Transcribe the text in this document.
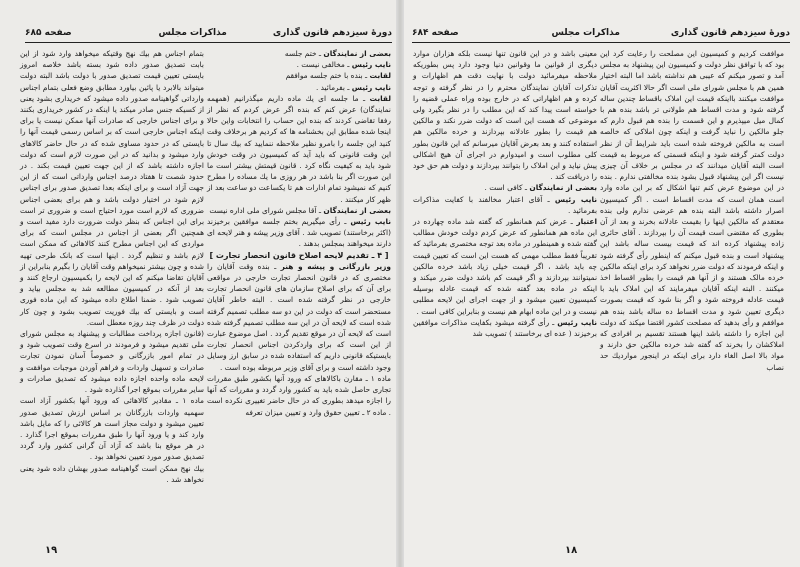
دورهٔ سیزدهم قانون گذاری
مذاکرات مجلس
صفحه ۶۸۵

بعضی از نمایندگان ـ ختم جلسه

نایب رئیس ـ مخالفی نیست .

لقابت ـ بنده با ختم جلسه موافقم

نایب رئیس ـ بفرمائید .

لقابت ـ ما جلسه ای یك ماده داریم میگذرانیم (همهمه نمایندگان) عرض کنم که بنده اگر عرض کردم که نظر از رفقا تقاضی کردند که بنده این حساب را انتخابات واین حالا اینجا شده مطابق این بخشنامه ها که کردیم هر برخلاف وقت کنید این جلسه را بامرو نظیر ملاحظه ننمایید که بیك سال تا این وقت قانونی که باید آید که کمیسیون در وقت خودش شود باید به کیفیت نگاه کرد . قانون قیمتش بیشتر است ما این صورت اگر بنا باشد در هر روزی ما یك مساده را مطرح کنیم که نمیشود تمام ادارات هم تا یکساعت دو ساعت بعد از ظهر کار میکنند .

بعضی از نمایندگان ـ آقا مجلس شورای ملی اداره نیست

نایب رئیس ـ رأی میگیریم بختم جلسه موافقین برخیزند (اکثر برخاستند) تصویب شد . آقای وزیر پیشه و هنر لایحه ای دارند میخواهند بمجلس بدهند .

[ ۴ ـ تقدیم لایحه اصلاح قانون انحصار تجارت ]

وزیر بازرگانی و پیشه و هنر ـ بنده وقت آقایان را مختصری که در قانون انحصار تجارت خارجی در مواقعی برای آن که برای اصلاح سازمان های قانون انحصار تجارت خارجی در نظر گرفته شده است . البته خاطر آقایان مستحضر است که دولت در این دو سه مطلب تصمیم گرفته شده است که لایحه آن در این سه مطلب تصمیم گرفته شده است که لایحه آن در موقع تقدیم گردد . اصل موضوع عبارت از این است که برای واردکردن اجناس انحصار تجارت بایستیکه قانونی داریم که استفاده شده در سابق ارز وسایل وجود داشته است و برای آقای وزیر مربوطه بوده است .

ماده ۱ ـ مقارن باکالاهای که ورود آنها بکشور طبق مقررات تجاری حاصل شده باید به کشور وارد گردد و مقررات که آنها را اجازه میدهد بطوری که در حال حاضر تغییری نکرده است . ماده ۲ ـ تعیین حقوق وارد و تعیین میزان تعرفه

بتمام اجناس هم بیك نهج وقتیکه میخواهد وارد شود از این بابت تصدیق صدور داده شود بسته باشد خلاصه امروز بایستی تعیین قیمت تصدیق صدور با دولت باشد البته دولت میتواند بالابرد یا پائین بیاورد مطابق وضع فعلی بتمام اجناس وارداتی گواهینامه صدور داده میشود که خریداری بشود یعنی از کسیکه جنس صادر میکند یا اینکه در کشور خریداری بکنند و برای اجناس خارجی که صادرات آنها ممکن نیست یا برای اینکه اجناس خارجی است که بر اساس رسمی قیمت آنها را بایستی که در حدود مساوی شده که در حال حاضر کالاهای وارد میشود و بدانید که در این صورت لازم است که دولت اجازه داشته باشد که از این جهت تعیین قیمت بکند . در حدود شصت تا هفتاد درصد اجناس وارداتی است که از این جهت آزاد است و برای اینکه بعدا تصدیق صدور برای اجناس لازم شود در اختیار دولت باشد و هم برای بعضی اجناس ضروری که لازم است مورد احتیاج است و ضروری تر است برای این اجناس که بنظر دولت ضرورت دارد مفید است و همچنین اگر بعضی از اجناس در مجلس است که برای مواردی که این اجناس مطرح کنند کالاهائی که ممکن است لازم باشد و تنظیم گردد . اینها است که بانک طرحی تهیه شده و چون بیشتر نمیخواهم وقت آقایان را بگیرم بنابراین از آقایان تقاضا میکنم که این لایحه را بکمیسیون ارجاع کنند و بعد از آنکه در کمیسیون مطالعه شد به مجلس بیاید و تصویب شود . ضمنا اطلاع داده میشود که این ماده فوری است و بایستی که بیك فوریت تصویب بشود و چون کار دولت در ظرف چند روزه معطل است.

(قانون اجازه پرداخت مطالبات و پیشنهاد به مجلس شورای ملی تقدیم میشود و فرمودند در اسرع وقت تصویب شود و در تمام امور بازرگانی و خصوصاً آسان نمودن تجارت صادرات و تسهیل واردات و فراهم آوردن موجبات موافقت و لایحه ماده واحده اجازه داده میشود که تصدیق صادرات و سایر مقررات بموقع اجرا گذارده شود .

ماده ۱ ـ مقادیر کالاهائی که ورود آنها بکشور آزاد است سهمیه واردات بازرگانان بر اساس ارزش تصدیق صدور تعیین میشود و دولت مجاز است هر کالائی را که مایل باشد وارد کند و یا ورود آنها را طبق مقررات بموقع اجرا گذارد . در هر موقع بنا باشد که آزاد آن گرانی کشور وارد گردد تصدیق صدور مورد تعیین نخواهد بود .

بیك نهج ممکن است گواهینامه صدور بهشان داده شود یعنی نخواهد شد .

۱۹
دورهٔ سیزدهم قانون گذاری
مذاکرات مجلس
صفحه ۶۸۴

موافقت کردیم و کمیسیون این مصلحت را رعایت کرد این بود که با توافق نظر دولت و کمیسیون این پیشنهاد به مجلس آمد و تصور میکنم که عیبی هم نداشته باشد اما البته اختیار همین هم با مجلس شورای ملی است اگر حالا اکثریت آقایان موافقت میکنند بااینکه قیمت این املاک باقساط چندین ساله گرفته شود و مدت اقساط هم طولانی تر باشد بنده هم با کمال میل میپذیرم و این قسمت را بنده هم قبول دارم که جلو مالکین را نباید گرفت و اینکه چون املاکی که خالصه است به مالکین فروخته شده است باید شرایط آن از نظر دولت کمتر گرفته شود و اینکه قسمتی که مربوط به قیمت است البته آقایان میدانند که در مجلس بر خلاف آن چیزی نیست اگر این پیشنهاد قبول بشود بنده مخالفتی ندارم . بنده در این موضوع عرض کنم تنها اشکال که بر این ماده وارد است همان است که مدت اقساط است . اگر کمیسیون اصرار داشته باشد البته بنده هم عرضی ندارم ولی بنده معتقدم که مالکین اینها را بقیمت عادلانه بخرند و بعد از آن بطوری که مقتضی است قیمت آن را بپردازند . آقای حائری زاده پیشنهاد کرده اند که قیمت بیست ساله باشد این پیشنهاد است و بنده قبول میکنم که اینطور رأی گرفته شود و اینکه فرمودند که دولت ضرر نخواهد کرد برای اینکه مالکین خرده مالک هستند و از آنها هم قیمت را بطور اقساط اخذ میکنند . البته اینکه آقایان میفرمایند که این املاک باید با قیمت عادله فروخته شود و اگر بنا شود که قیمت بصورت دیگری تعیین شود و مدت اقساط ده ساله باشد بنده هم موافقم و رأی بدهید که مصلحت کشور اقتضا میکند که دولت این اجازه را داشته باشد اینها هستند تقسیم بر افرادی که املاکشان را بخرند که گفته شد خرده مالکین حق دارند و مواد بالا اصل الغاء دارد برای اینکه در اینجور مواردیك حد نصاب

معینی باشد و در این قانون تنها نیست بلکه هزاران موارد دیگری از قوانین ما وقوانین دنیا وجود دارد پس بطوریکه ملاحظه میفرمائید دولت با نهایت دقت هم اظهارات و تذکرات آقایان نمایندگان محترم را در نظر گرفته و توجه کرده و هم اظهاراتی که در خارج بوده وراه عملی قضیه را خواسته است پیدا کند که این مطلب را در نظر بگیرد ولی موضوعی که هست این است که دولت ضرر نکند و مالکین هم قیمت را بطور عادلانه بپردازند و خرده مالکین هم استفاده کنند و بعد بعرض آقایان میرسانم که این قانون بطور کلی مطلوب است و امیدوارم در اجرای آن هیچ اشکالی پیش نیاید و این املاک را بتوانند بپردازند و دولت هم حق خود را دریافت کند .

بعضی از نمایندگان ـ کافی است .

نایب رئیس ـ آقای اعتبار مخالفند با کفایت مذاکرات بفرمائید .

اعتبار ـ عرض کنم همانطور که گفته شد ماده چهارده در این ماده هم همانطور که عرض کردم دولت خودش مطالب گفته شده و همینطور در ماده بعد توجه مختصری بفرمائید که تقریباً فقط مطلب مهمی که هست این است که تعیین قیمت چه باید باشد ، اگر قیمت خیلی زیاد باشد خرده مالکین نمیتوانند بپردازند و اگر قیمت کم باشد دولت ضرر میکند و اینکه در ماده بعد گفته شده که قیمت عادله بوسیله کمیسیون تعیین میشود و از جهت اجرای این لایحه مطلبی نیست و در این ماده ابهام هم نیست و بنابراین کافی است .

نایب رئیس ـ رأی گرفته میشود بکفایت مذاکرات موافقین برخیزند ( عده ای برخاستند ) تصویب شد

۱۸
